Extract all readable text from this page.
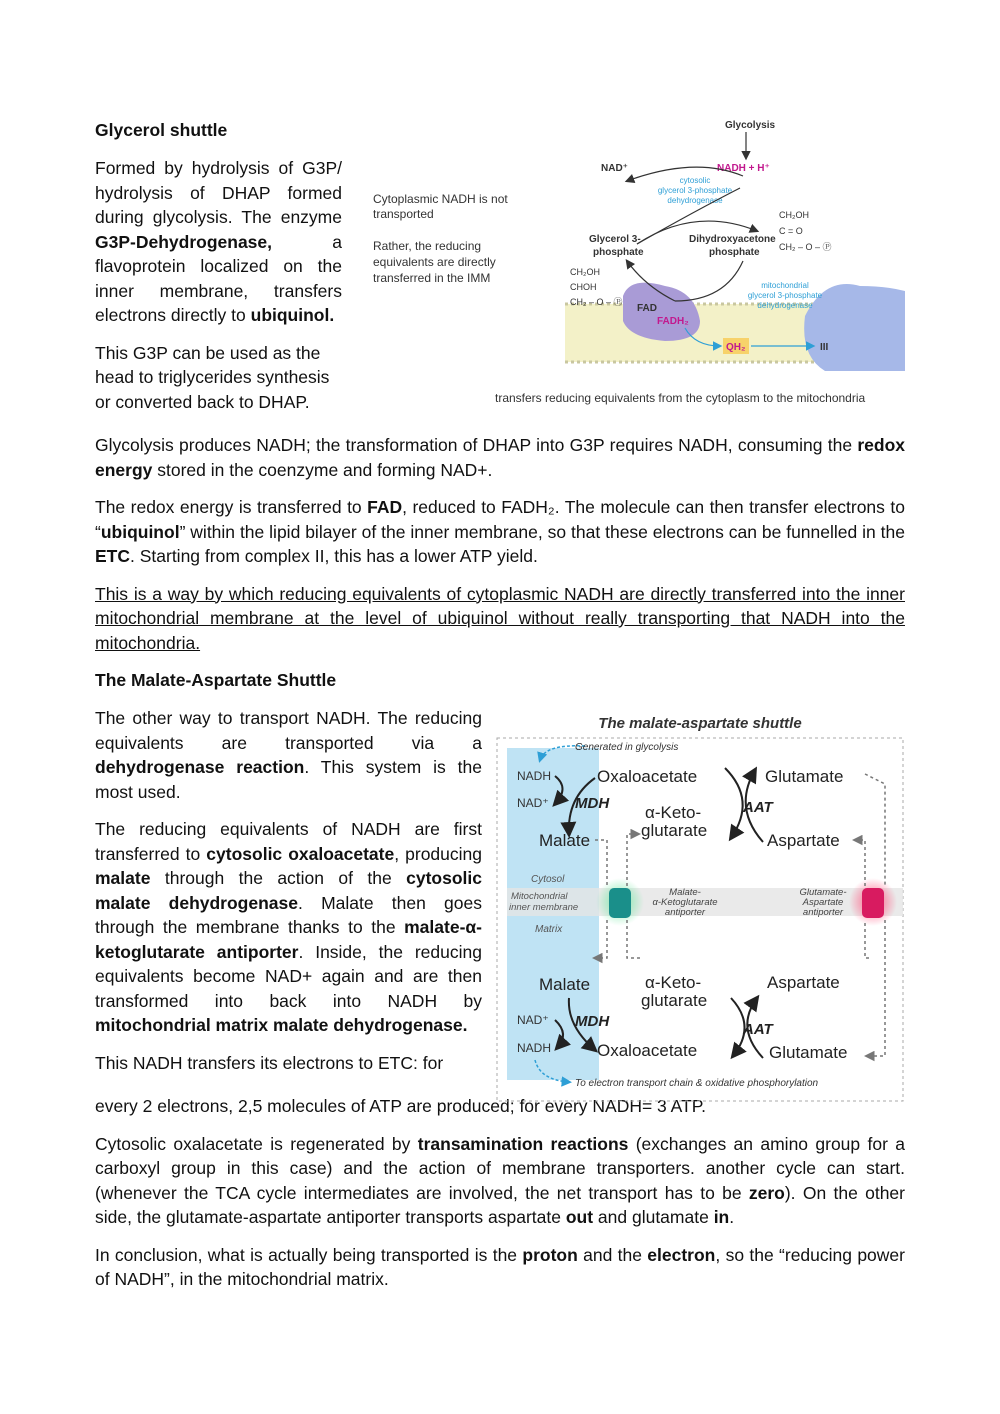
Glycerol shuttle

Formed by hydrolysis of G3P/ hydrolysis of DHAP formed during glycolysis. The enzyme G3P-Dehydrogenase, a flavoprotein localized on the inner membrane, transfers electrons directly to ubiquinol.

This G3P can be used as the head to triglycerides synthesis or converted back to DHAP.

Cytoplasmic NADH is not
transported
Rather, the reducing
equivalents are directly
transferred in the IMM
Glycolysis
NAD⁺	NADH + H⁺
cytosolic
glycerol 3-phosphate
dehydrogenase
Glycerol 3-
phosphate
Dihydroxyacetone
phosphate
CH₂OH
CHOH
CH₂ – O – Ⓟ
CH₂OH
C = O
CH₂ – O – Ⓟ
mitochondrial
glycerol 3-phosphate
dehydrogenase
FAD
FADH₂
QH₂	III
transfers reducing equivalents from the cytoplasm to the mitochondria

Glycolysis produces NADH; the transformation of DHAP into G3P requires NADH, consuming the redox energy stored in the coenzyme and forming NAD+.

The redox energy is transferred to FAD, reduced to FADH₂. The molecule can then transfer electrons to “ubiquinol” within the lipid bilayer of the inner membrane, so that these electrons can be funnelled in the ETC. Starting from complex II, this has a lower ATP yield.

This is a way by which reducing equivalents of cytoplasmic NADH are directly transferred into the inner mitochondrial membrane at the level of ubiquinol without really transporting that NADH into the mitochondria.

The Malate-Aspartate Shuttle

The other way to transport NADH. The reducing equivalents are transported via a dehydrogenase reaction. This system is the most used.

The reducing equivalents of NADH are first transferred to cytosolic oxaloacetate, producing malate through the action of the cytosolic malate dehydrogenase. Malate then goes through the membrane thanks to the malate-α-ketoglutarate antiporter. Inside, the reducing equivalents become NAD+ again and are then transformed into back into NADH by mitochondrial matrix malate dehydrogenase.

This NADH transfers its electrons to ETC: for

The malate-aspartate shuttle
Generated in glycolysis
NADH
NAD⁺ MDH
Oxaloacetate	Glutamate
AAT
α-Keto-
glutarate
Malate	Aspartate
Cytosol
Mitochondrial
inner membrane
Matrix
Malate-
α-Ketoglutarate
antiporter
Glutamate-
Aspartate
antiporter
Malate	α-Keto-
glutarate
Aspartate
AAT
NAD⁺
NADH
MDH
Oxaloacetate	Glutamate
To electron transport chain & oxidative phosphorylation

every 2 electrons, 2,5 molecules of ATP are produced; for every NADH= 3 ATP.

Cytosolic oxalacetate is regenerated by transamination reactions (exchanges an amino group for a carboxyl group in this case) and the action of membrane transporters. another cycle can start. (whenever the TCA cycle intermediates are involved, the net transport has to be zero). On the other side, the glutamate-aspartate antiporter transports aspartate out and glutamate in.

In conclusion, what is actually being transported is the proton and the electron, so the “reducing power of NADH”, in the mitochondrial matrix.
